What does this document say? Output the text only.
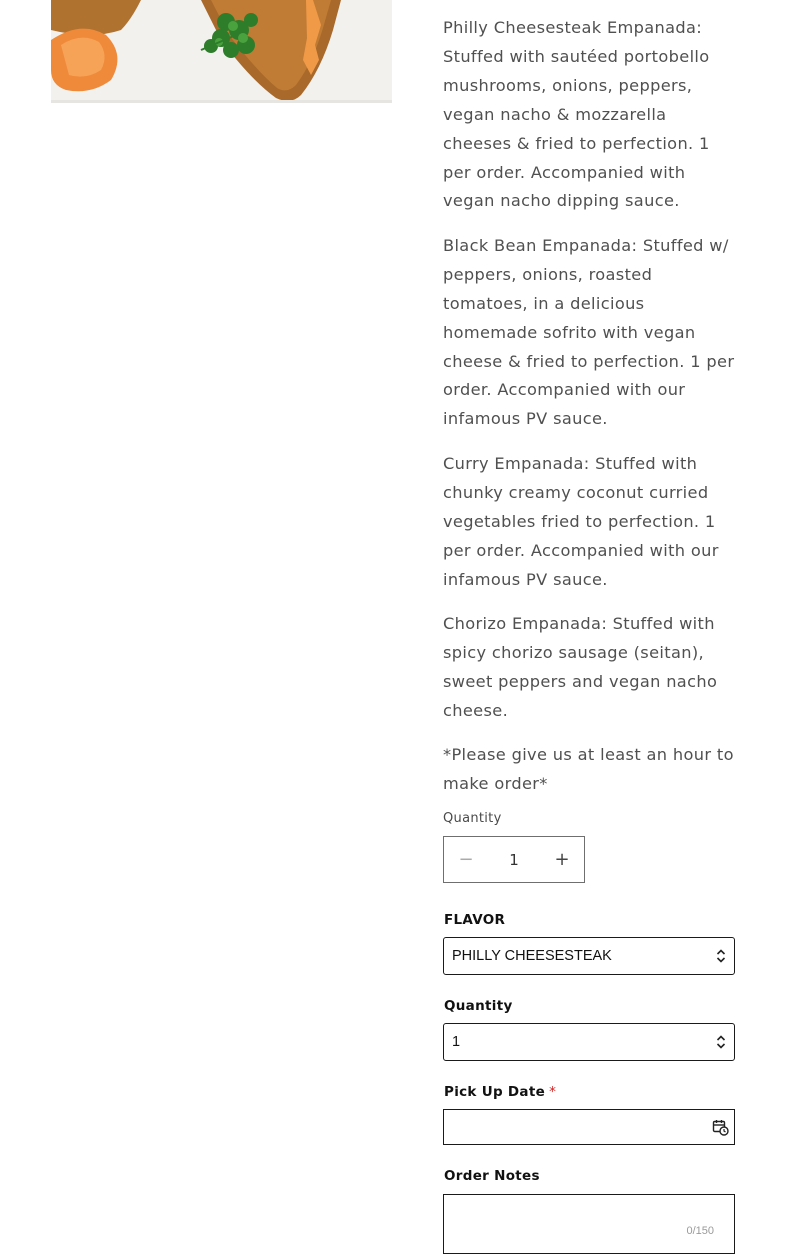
Philly Cheesesteak Empanada: Stuffed with sautéed portobello mushrooms, onions, peppers, vegan nacho & mozzarella cheeses & fried to perfection. 1 per order. Accompanied with vegan nacho dipping sauce.

Black Bean Empanada: Stuffed w/ peppers, onions, roasted tomatoes, in a delicious homemade sofrito with vegan cheese & fried to perfection. 1 per order. Accompanied with our infamous PV sauce.

Curry Empanada: Stuffed with chunky creamy coconut curried vegetables fried to perfection. 1 per order. Accompanied with our infamous PV sauce.

Chorizo Empanada: Stuffed with spicy chorizo sausage (seitan), sweet peppers and vegan nacho cheese.

*Please give us at least an hour to make order*

Quantity
−
1	+
FLAVOR
PHILLY CHEESESTEAK
Quantity
1
Pick Up Date *
Order Notes
0/150
